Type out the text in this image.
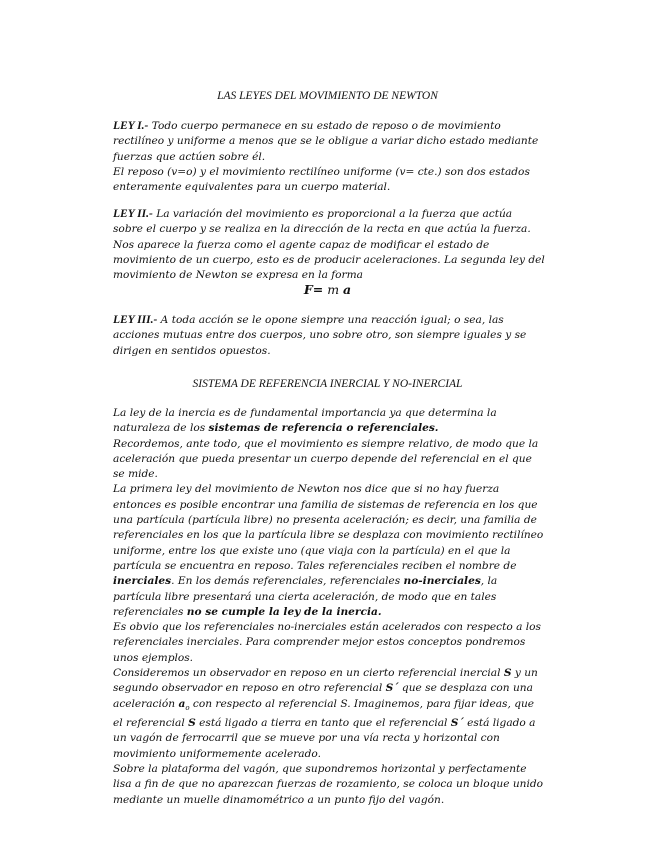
LAS LEYES DEL MOVIMIENTO DE NEWTON

LEY I.- Todo cuerpo permanece en su estado de reposo o de movimiento rectilíneo y uniforme a menos que se le obligue a variar dicho estado mediante fuerzas que actúen sobre él.

El reposo (v=o) y el movimiento rectilíneo uniforme (v= cte.) son dos estados enteramente equivalentes para un cuerpo material.

LEY II.- La variación del movimiento es proporcional a la fuerza que actúa sobre el cuerpo y se realiza en la dirección de la recta en que actúa la fuerza. Nos aparece la fuerza como el agente capaz de modificar el estado de movimiento de un cuerpo, esto es de producir aceleraciones. La segunda ley del movimiento de Newton se expresa en la forma

F= m a

LEY III.- A toda acción se le opone siempre una reacción igual; o sea, las acciones mutuas entre dos cuerpos, uno sobre otro, son siempre iguales y se dirigen en sentidos opuestos.

SISTEMA DE REFERENCIA INERCIAL Y NO-INERCIAL

La ley de la inercia es de fundamental importancia ya que determina la naturaleza de los sistemas de referencia o referenciales.

Recordemos, ante todo, que el movimiento es siempre relativo, de modo que la aceleración que pueda presentar un cuerpo depende del referencial en el que se mide.

La primera ley del movimiento de Newton nos dice que si no hay fuerza entonces es posible encontrar una familia de sistemas de referencia en los que una partícula (partícula libre) no presenta aceleración; es decir, una familia de referenciales en los que la partícula libre se desplaza con movimiento rectilíneo uniforme, entre los que existe uno (que viaja con la partícula) en el que la partícula se encuentra en reposo. Tales referenciales reciben el nombre de inerciales. En los demás referenciales, referenciales no-inerciales, la partícula libre presentará una cierta aceleración, de modo que en tales referenciales no se cumple la ley de la inercia.

Es obvio que los referenciales no-inerciales están acelerados con respecto a los referenciales inerciales. Para comprender mejor estos conceptos pondremos unos ejemplos.

Consideremos un observador en reposo en un cierto referencial inercial S y un segundo observador en reposo en otro referencial S´ que se desplaza con una aceleración $a_o$ con respecto al referencial S. Imaginemos, para fijar ideas, que el referencial S está ligado a tierra en tanto que el referencial S´ está ligado a un vagón de ferrocarril que se mueve por una vía recta y horizontal con movimiento uniformemente acelerado.

Sobre la plataforma del vagón, que supondremos horizontal y perfectamente lisa a fin de que no aparezcan fuerzas de rozamiento, se coloca un bloque unido mediante un muelle dinamométrico a un punto fijo del vagón.
